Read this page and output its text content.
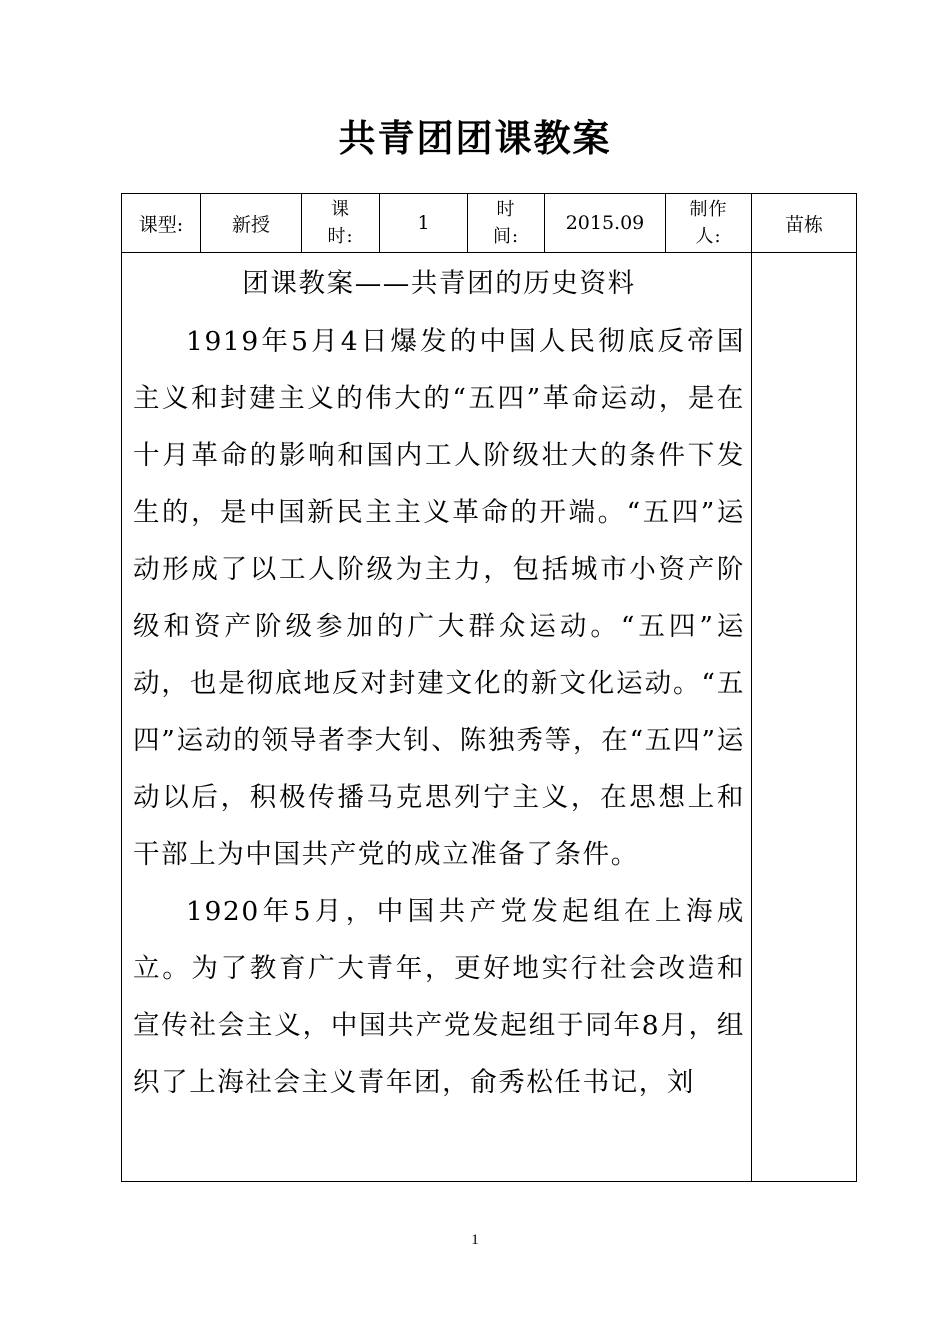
共青团团课教案
课型:	新授	课时:	1	时间:	2015.09	制作人:	苗栋

团课教案——共青团的历史资料

1919年5月4日爆发的中国人民彻底反帝国主义和封建主义的伟大的“五四”革命运动，是在十月革命的影响和国内工人阶级壮大的条件下发生的，是中国新民主主义革命的开端。“五四”运动形成了以工人阶级为主力，包括城市小资产阶级和资产阶级参加的广大群众运动。“五四”运动，也是彻底地反对封建文化的新文化运动。“五四”运动的领导者李大钊、陈独秀等，在“五四”运动以后，积极传播马克思列宁主义，在思想上和干部上为中国共产党的成立准备了条件。

1920年5月，中国共产党发起组在上海成立。为了教育广大青年，更好地实行社会改造和宣传社会主义，中国共产党发起组于同年8月，组织了上海社会主义青年团，俞秀松任书记，刘							

1
